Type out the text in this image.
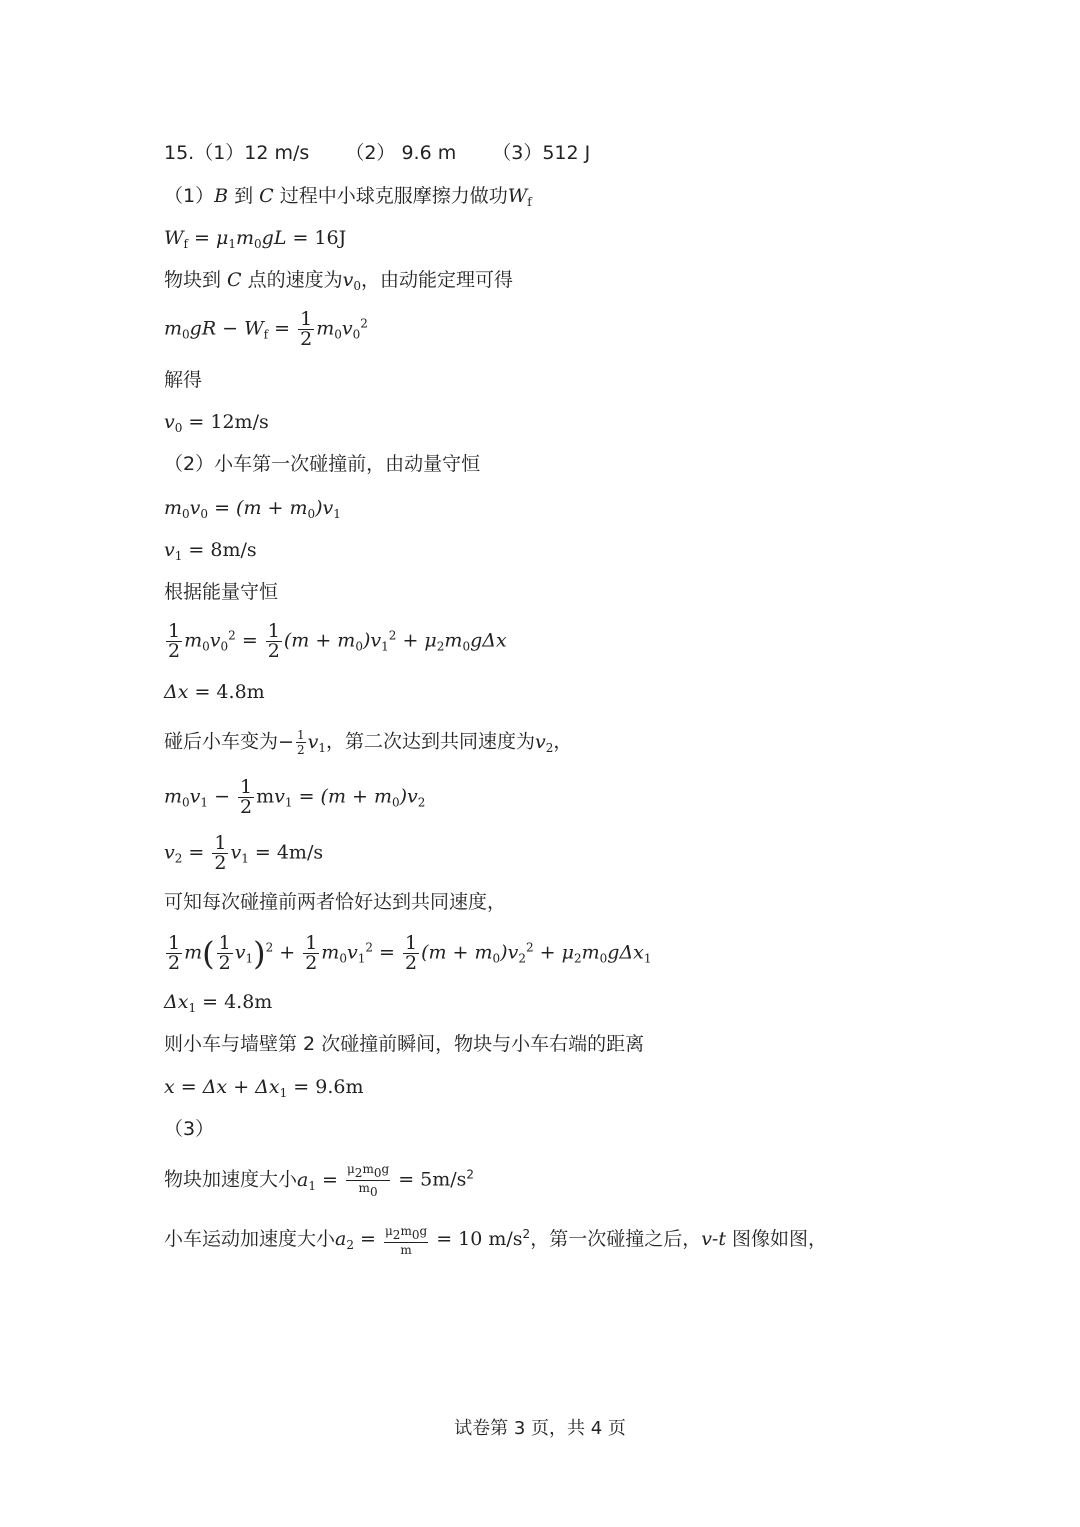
15.（1）12 m/s （2） 9.6 m （3）512 J
（1）B 到 C 过程中小球克服摩擦力做功$W_f$
$W_f = \mu_1m_0gL = 16J$
物块到 C 点的速度为$v_0$，由动能定理可得
$m_0gR - W_f = \frac{1}{2} m_0v_0^2$
解得
$v_0 = 12m/s$
（2）小车第一次碰撞前，由动量守恒
$m_0v_0 = (m + m_0)v_1$
$v_1 = 8m/s$
根据能量守恒
$\frac{1}{2} m_0v_0^2 = \frac{1}{2} (m + m_0)v_1^2 + \mu_2m_0g\Delta x$
Δx = 4.8m
碰后小车变为− $\frac{1}{2} v_1$，第二次达到共同速度为$v_2$，
$m_0v_1 - \frac{1}{2} mv_1 = (m + m_0)v_2$
$v_2 = \frac{1}{2} v_1 = 4m/s$
可知每次碰撞前两者恰好达到共同速度，
$\frac{1}{2} m( \frac{1}{2} v_1)^2 + \frac{1}{2} m_0v_1^2 = \frac{1}{2} (m + m_0)v_2^2 + \mu_2m_0g\Delta x_1$
$\Delta x_1 = 4.8m$
则小车与墙壁第 2 次碰撞前瞬间，物块与小车右端的距离
$x = \Delta x + \Delta x_1 = 9.6m$
（3）
物块加速度大小$a_1 = \frac{\mu_2m_0g}{m_0} = 5m/s^2$
小车运动加速度大小$a_2 = \frac{\mu_2m_0g}{m} = 10$ $m/s^2$，第一次碰撞之后，v-t 图像如图，
试卷第 3 页，共 4 页
